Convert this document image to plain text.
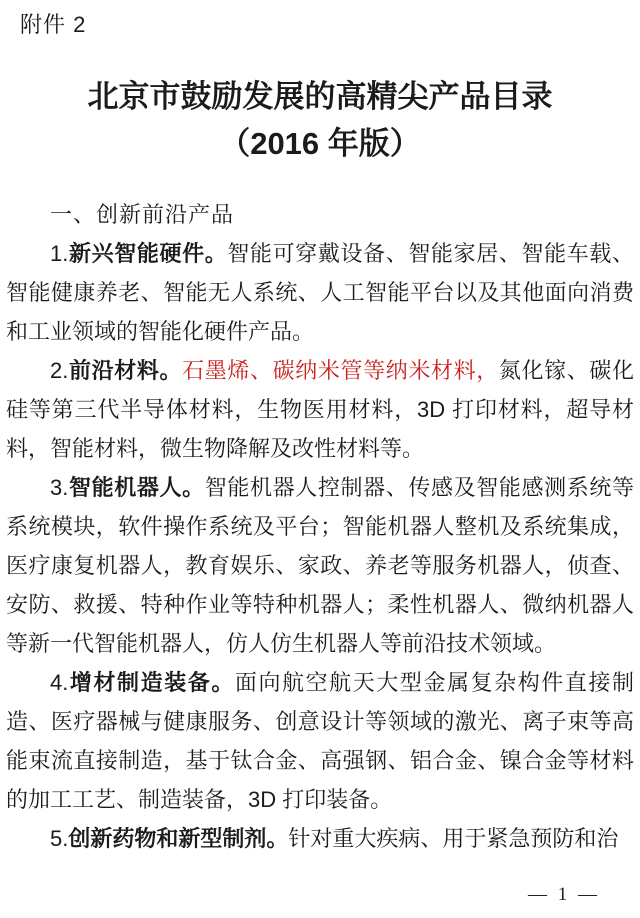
附件 2
北京市鼓励发展的高精尖产品目录
（2016 年版）

一、创新前沿产品

1.新兴智能硬件。智能可穿戴设备、智能家居、智能车载、智能健康养老、智能无人系统、人工智能平台以及其他面向消费和工业领域的智能化硬件产品。

2.前沿材料。石墨烯、碳纳米管等纳米材料，氮化镓、碳化硅等第三代半导体材料，生物医用材料，3D 打印材料，超导材料，智能材料，微生物降解及改性材料等。

3.智能机器人。智能机器人控制器、传感及智能感测系统等系统模块，软件操作系统及平台；智能机器人整机及系统集成，医疗康复机器人，教育娱乐、家政、养老等服务机器人，侦查、安防、救援、特种作业等特种机器人；柔性机器人、微纳机器人等新一代智能机器人，仿人仿生机器人等前沿技术领域。

4.增材制造装备。面向航空航天大型金属复杂构件直接制造、医疗器械与健康服务、创意设计等领域的激光、离子束等高能束流直接制造，基于钛合金、高强钢、铝合金、镍合金等材料的加工工艺、制造装备，3D 打印装备。

5.创新药物和新型制剂。针对重大疾病、用于紧急预防和治

— 1 —
